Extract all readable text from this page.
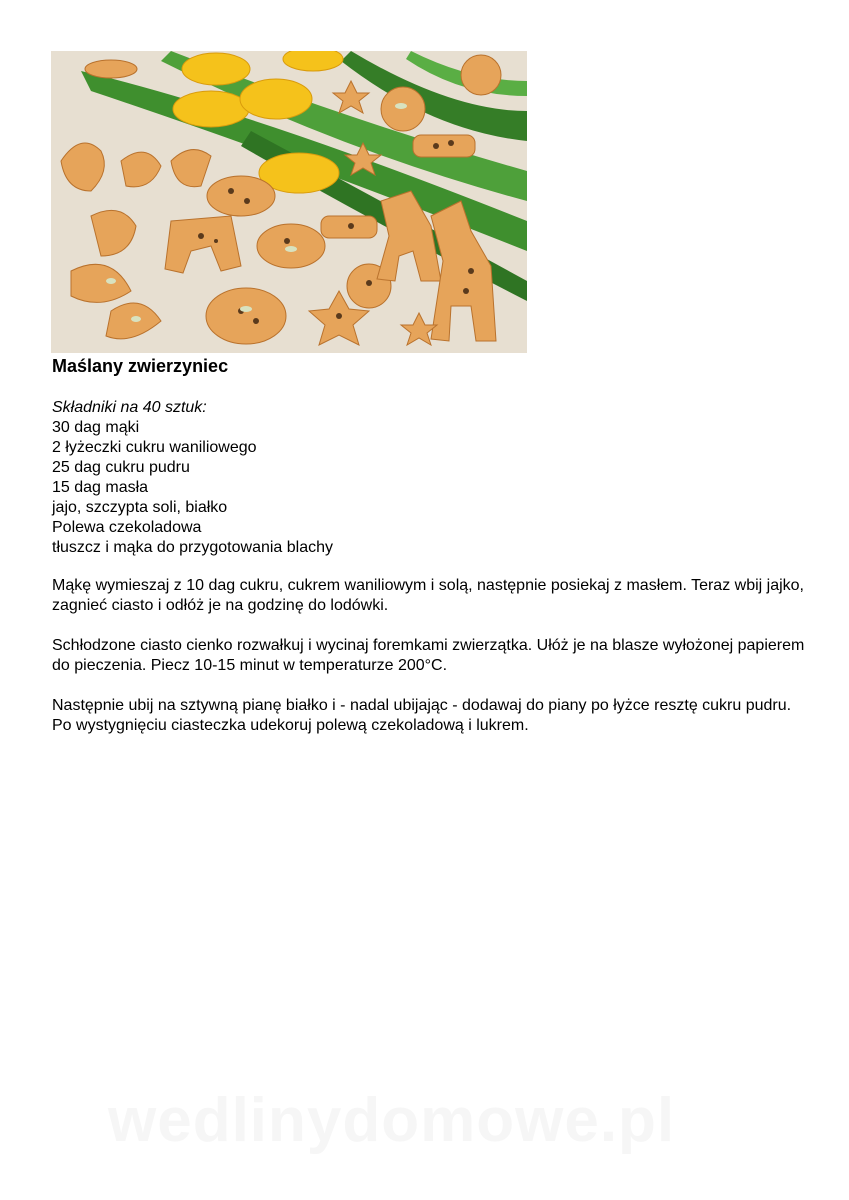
Maślany zwierzyniec
Składniki na 40 sztuk:
30 dag mąki
2 łyżeczki cukru waniliowego
25 dag cukru pudru
15 dag masła
jajo, szczypta soli, białko
Polewa czekoladowa
tłuszcz i mąka do przygotowania blachy

Mąkę wymieszaj z 10 dag cukru, cukrem waniliowym i solą, następnie posiekaj z masłem. Teraz wbij jajko, zagnieć ciasto i odłóż je na godzinę do lodówki.

Schłodzone ciasto cienko rozwałkuj i wycinaj foremkami zwierzątka. Ułóż je na blasze wyłożonej papierem do pieczenia. Piecz 10-15 minut w temperaturze 200°C.

Następnie ubij na sztywną pianę białko i - nadal ubijając - dodawaj do piany po łyżce resztę cukru pudru.

Po wystygnięciu ciasteczka udekoruj polewą czekoladową i lukrem.

wedlinydomowe.pl
